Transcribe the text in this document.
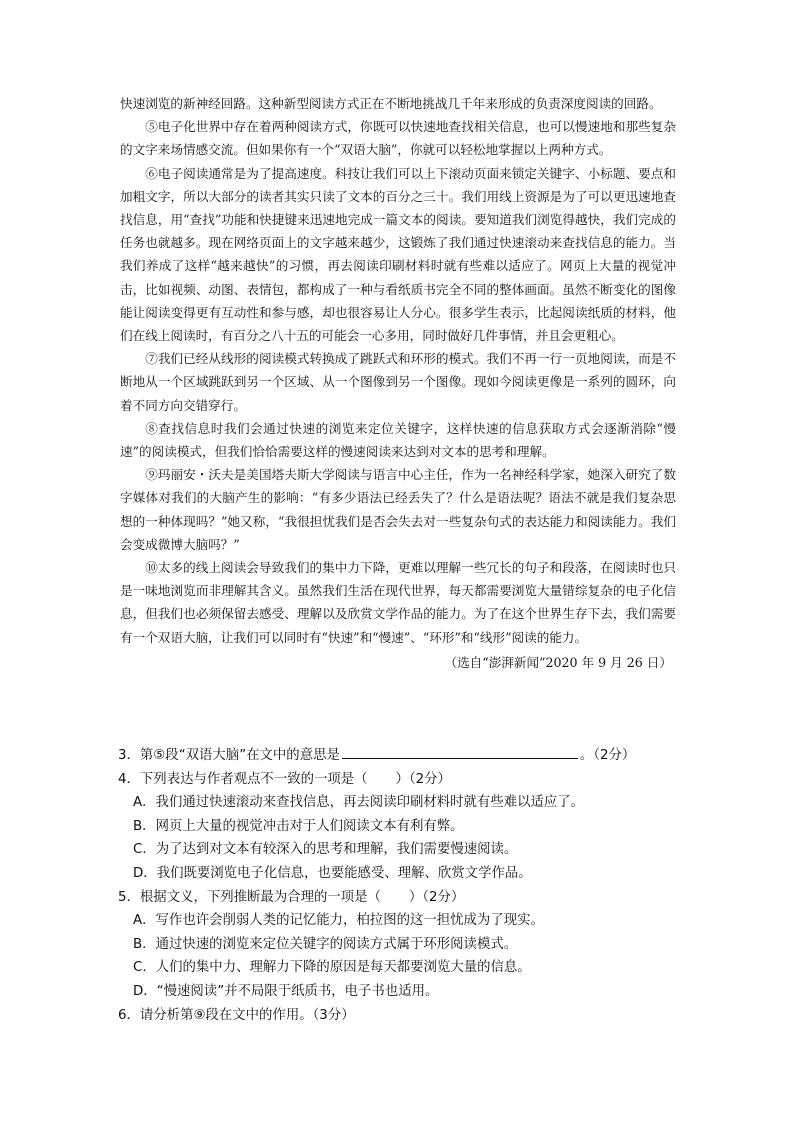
快速浏览的新神经回路。这种新型阅读方式正在不断地挑战几千年来形成的负责深度阅读的回路。

⑤电子化世界中存在着两种阅读方式，你既可以快速地查找相关信息，也可以慢速地和那些复杂的文字来场情感交流。但如果你有一个“双语大脑”，你就可以轻松地掌握以上两种方式。

⑥电子阅读通常是为了提高速度。科技让我们可以上下滚动页面来锁定关键字、小标题、要点和加粗文字，所以大部分的读者其实只读了文本的百分之三十。我们用线上资源是为了可以更迅速地查找信息，用“查找”功能和快捷键来迅速地完成一篇文本的阅读。要知道我们浏览得越快，我们完成的任务也就越多。现在网络页面上的文字越来越少，这锻炼了我们通过快速滚动来查找信息的能力。当我们养成了这样“越来越快”的习惯，再去阅读印刷材料时就有些难以适应了。网页上大量的视觉冲击，比如视频、动图、表情包，都构成了一种与看纸质书完全不同的整体画面。虽然不断变化的图像能让阅读变得更有互动性和参与感，却也很容易让人分心。很多学生表示，比起阅读纸质的材料，他们在线上阅读时，有百分之八十五的可能会一心多用，同时做好几件事情，并且会更粗心。

⑦我们已经从线形的阅读模式转换成了跳跃式和环形的模式。我们不再一行一页地阅读，而是不断地从一个区域跳跃到另一个区域、从一个图像到另一个图像。现如今阅读更像是一系列的圆环，向着不同方向交错穿行。

⑧查找信息时我们会通过快速的浏览来定位关键字，这样快速的信息获取方式会逐渐消除“慢速”的阅读模式，但我们恰恰需要这样的慢速阅读来达到对文本的思考和理解。

⑨玛丽安・沃夫是美国塔夫斯大学阅读与语言中心主任，作为一名神经科学家，她深入研究了数字媒体对我们的大脑产生的影响：“有多少语法已经丢失了？什么是语法呢？语法不就是我们复杂思想的一种体现吗？”她又称，“我很担忧我们是否会失去对一些复杂句式的表达能力和阅读能力。我们会变成微博大脑吗？”

⑩太多的线上阅读会导致我们的集中力下降，更难以理解一些冗长的句子和段落，在阅读时也只是一味地浏览而非理解其含义。虽然我们生活在现代世界，每天都需要浏览大量错综复杂的电子化信息，但我们也必须保留去感受、理解以及欣赏文学作品的能力。为了在这个世界生存下去，我们需要有一个双语大脑，让我们可以同时有“快速”和“慢速”、“环形”和“线形”阅读的能力。

（选自“澎湃新闻”2020 年 9 月 26 日）

3．第⑤段“双语大脑”在文中的意思是	。（2分）

4．下列表达与作者观点不一致的一项是（ ）（2分）

A．我们通过快速滚动来查找信息，再去阅读印刷材料时就有些难以适应了。

B．网页上大量的视觉冲击对于人们阅读文本有利有弊。

C．为了达到对文本有较深入的思考和理解，我们需要慢速阅读。

D．我们既要浏览电子化信息，也要能感受、理解、欣赏文学作品。

5．根据文义，下列推断最为合理的一项是（ ）（2分）

A．写作也许会削弱人类的记忆能力，柏拉图的这一担忧成为了现实。

B．通过快速的浏览来定位关键字的阅读方式属于环形阅读模式。

C．人们的集中力、理解力下降的原因是每天都要浏览大量的信息。

D．“慢速阅读”并不局限于纸质书，电子书也适用。

6．请分析第⑨段在文中的作用。（3分）
